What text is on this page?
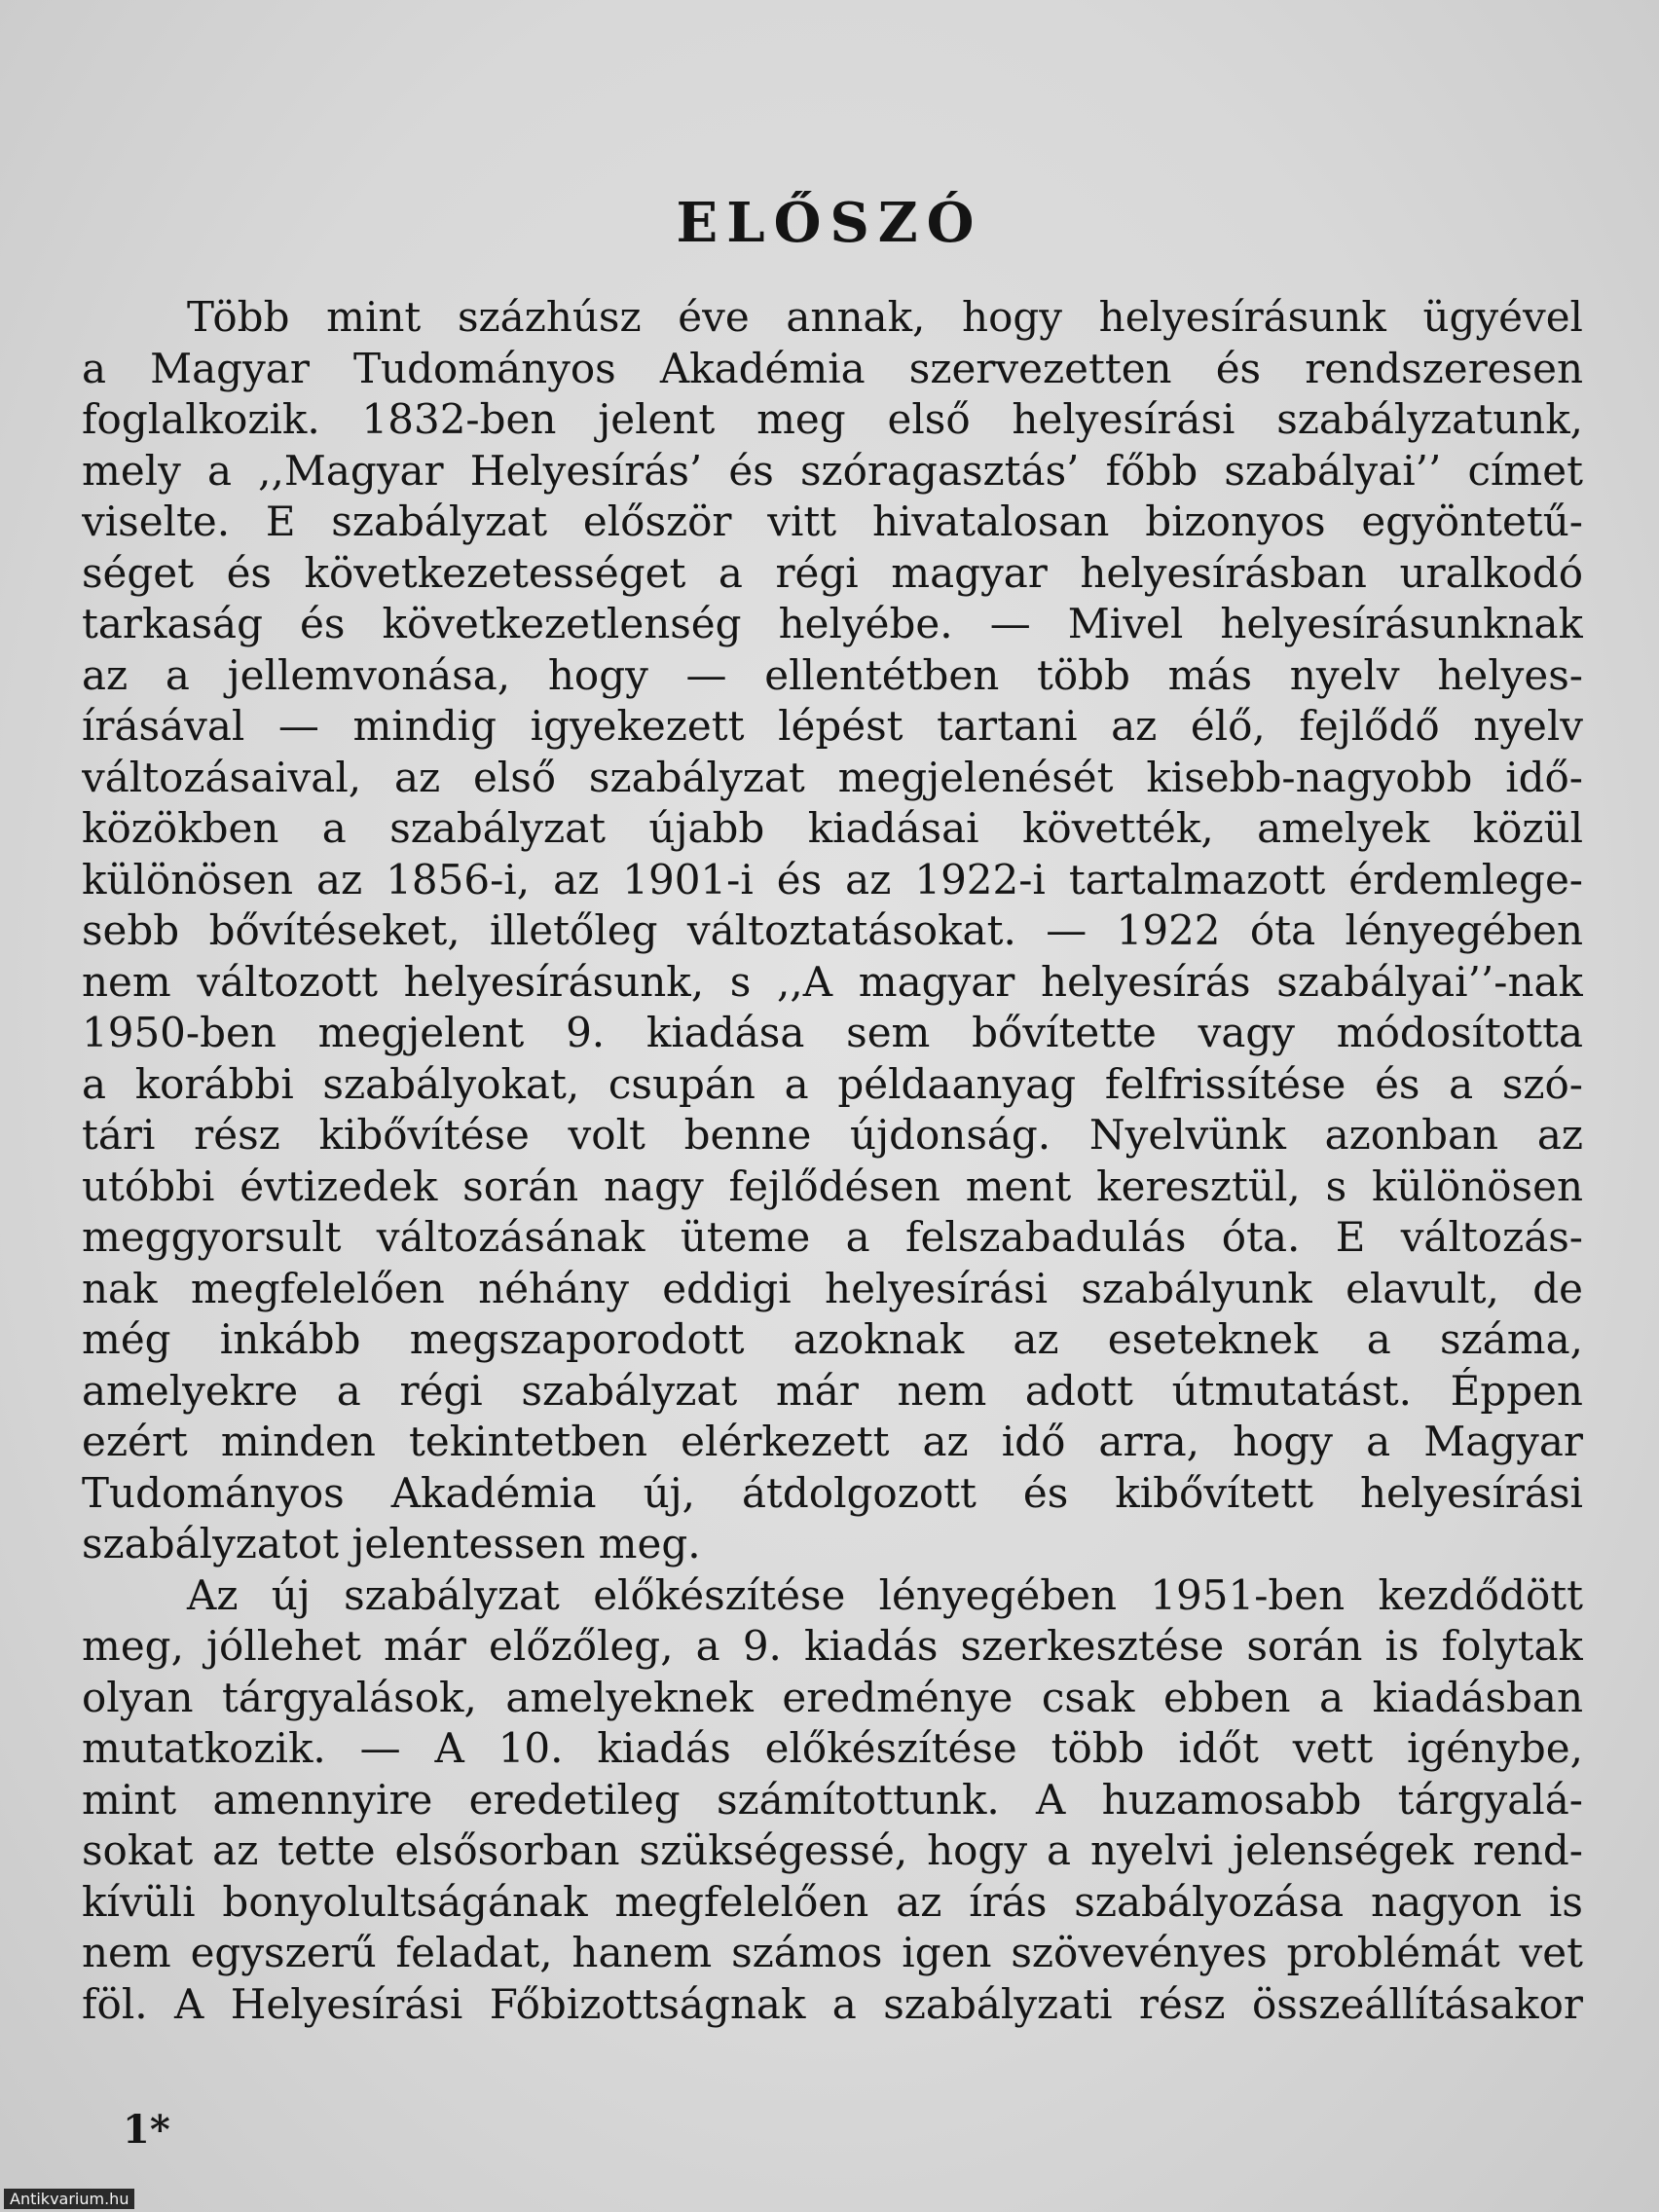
ELŐSZÓ
Több mint százhúsz éve annak, hogy helyesírásunk ügyével
a Magyar Tudományos Akadémia szervezetten és rendszeresen
foglalkozik. 1832-ben jelent meg első helyesírási szabályzatunk,
mely a ,,Magyar Helyesírás’ és szóragasztás’ főbb szabályai’’ címet
viselte. E szabályzat először vitt hivatalosan bizonyos egyöntetű-
séget és következetességet a régi magyar helyesírásban uralkodó
tarkaság és következetlenség helyébe. — Mivel helyesírásunknak
az a jellemvonása, hogy — ellentétben több más nyelv helyes-
írásával — mindig igyekezett lépést tartani az élő, fejlődő nyelv
változásaival, az első szabályzat megjelenését kisebb-nagyobb idő-
közökben a szabályzat újabb kiadásai követték, amelyek közül
különösen az 1856-i, az 1901-i és az 1922-i tartalmazott érdemlege-
sebb bővítéseket, illetőleg változtatásokat. — 1922 óta lényegében
nem változott helyesírásunk, s ,,A magyar helyesírás szabályai’’-nak
1950-ben megjelent 9. kiadása sem bővítette vagy módosította
a korábbi szabályokat, csupán a példaanyag felfrissítése és a szó-
tári rész kibővítése volt benne újdonság. Nyelvünk azonban az
utóbbi évtizedek során nagy fejlődésen ment keresztül, s különösen
meggyorsult változásának üteme a felszabadulás óta. E változás-
nak megfelelően néhány eddigi helyesírási szabályunk elavult, de
még inkább megszaporodott azoknak az eseteknek a száma,
amelyekre a régi szabályzat már nem adott útmutatást. Éppen
ezért minden tekintetben elérkezett az idő arra, hogy a Magyar
Tudományos Akadémia új, átdolgozott és kibővített helyesírási
szabályzatot jelentessen meg.
Az új szabályzat előkészítése lényegében 1951-ben kezdődött
meg, jóllehet már előzőleg, a 9. kiadás szerkesztése során is folytak
olyan tárgyalások, amelyeknek eredménye csak ebben a kiadásban
mutatkozik. — A 10. kiadás előkészítése több időt vett igénybe,
mint amennyire eredetileg számítottunk. A huzamosabb tárgyalá-
sokat az tette elsősorban szükségessé, hogy a nyelvi jelenségek rend-
kívüli bonyolultságának megfelelően az írás szabályozása nagyon is
nem egyszerű feladat, hanem számos igen szövevényes problémát vet
föl. A Helyesírási Főbizottságnak a szabályzati rész összeállításakor
1*
Antikvarium.hu
